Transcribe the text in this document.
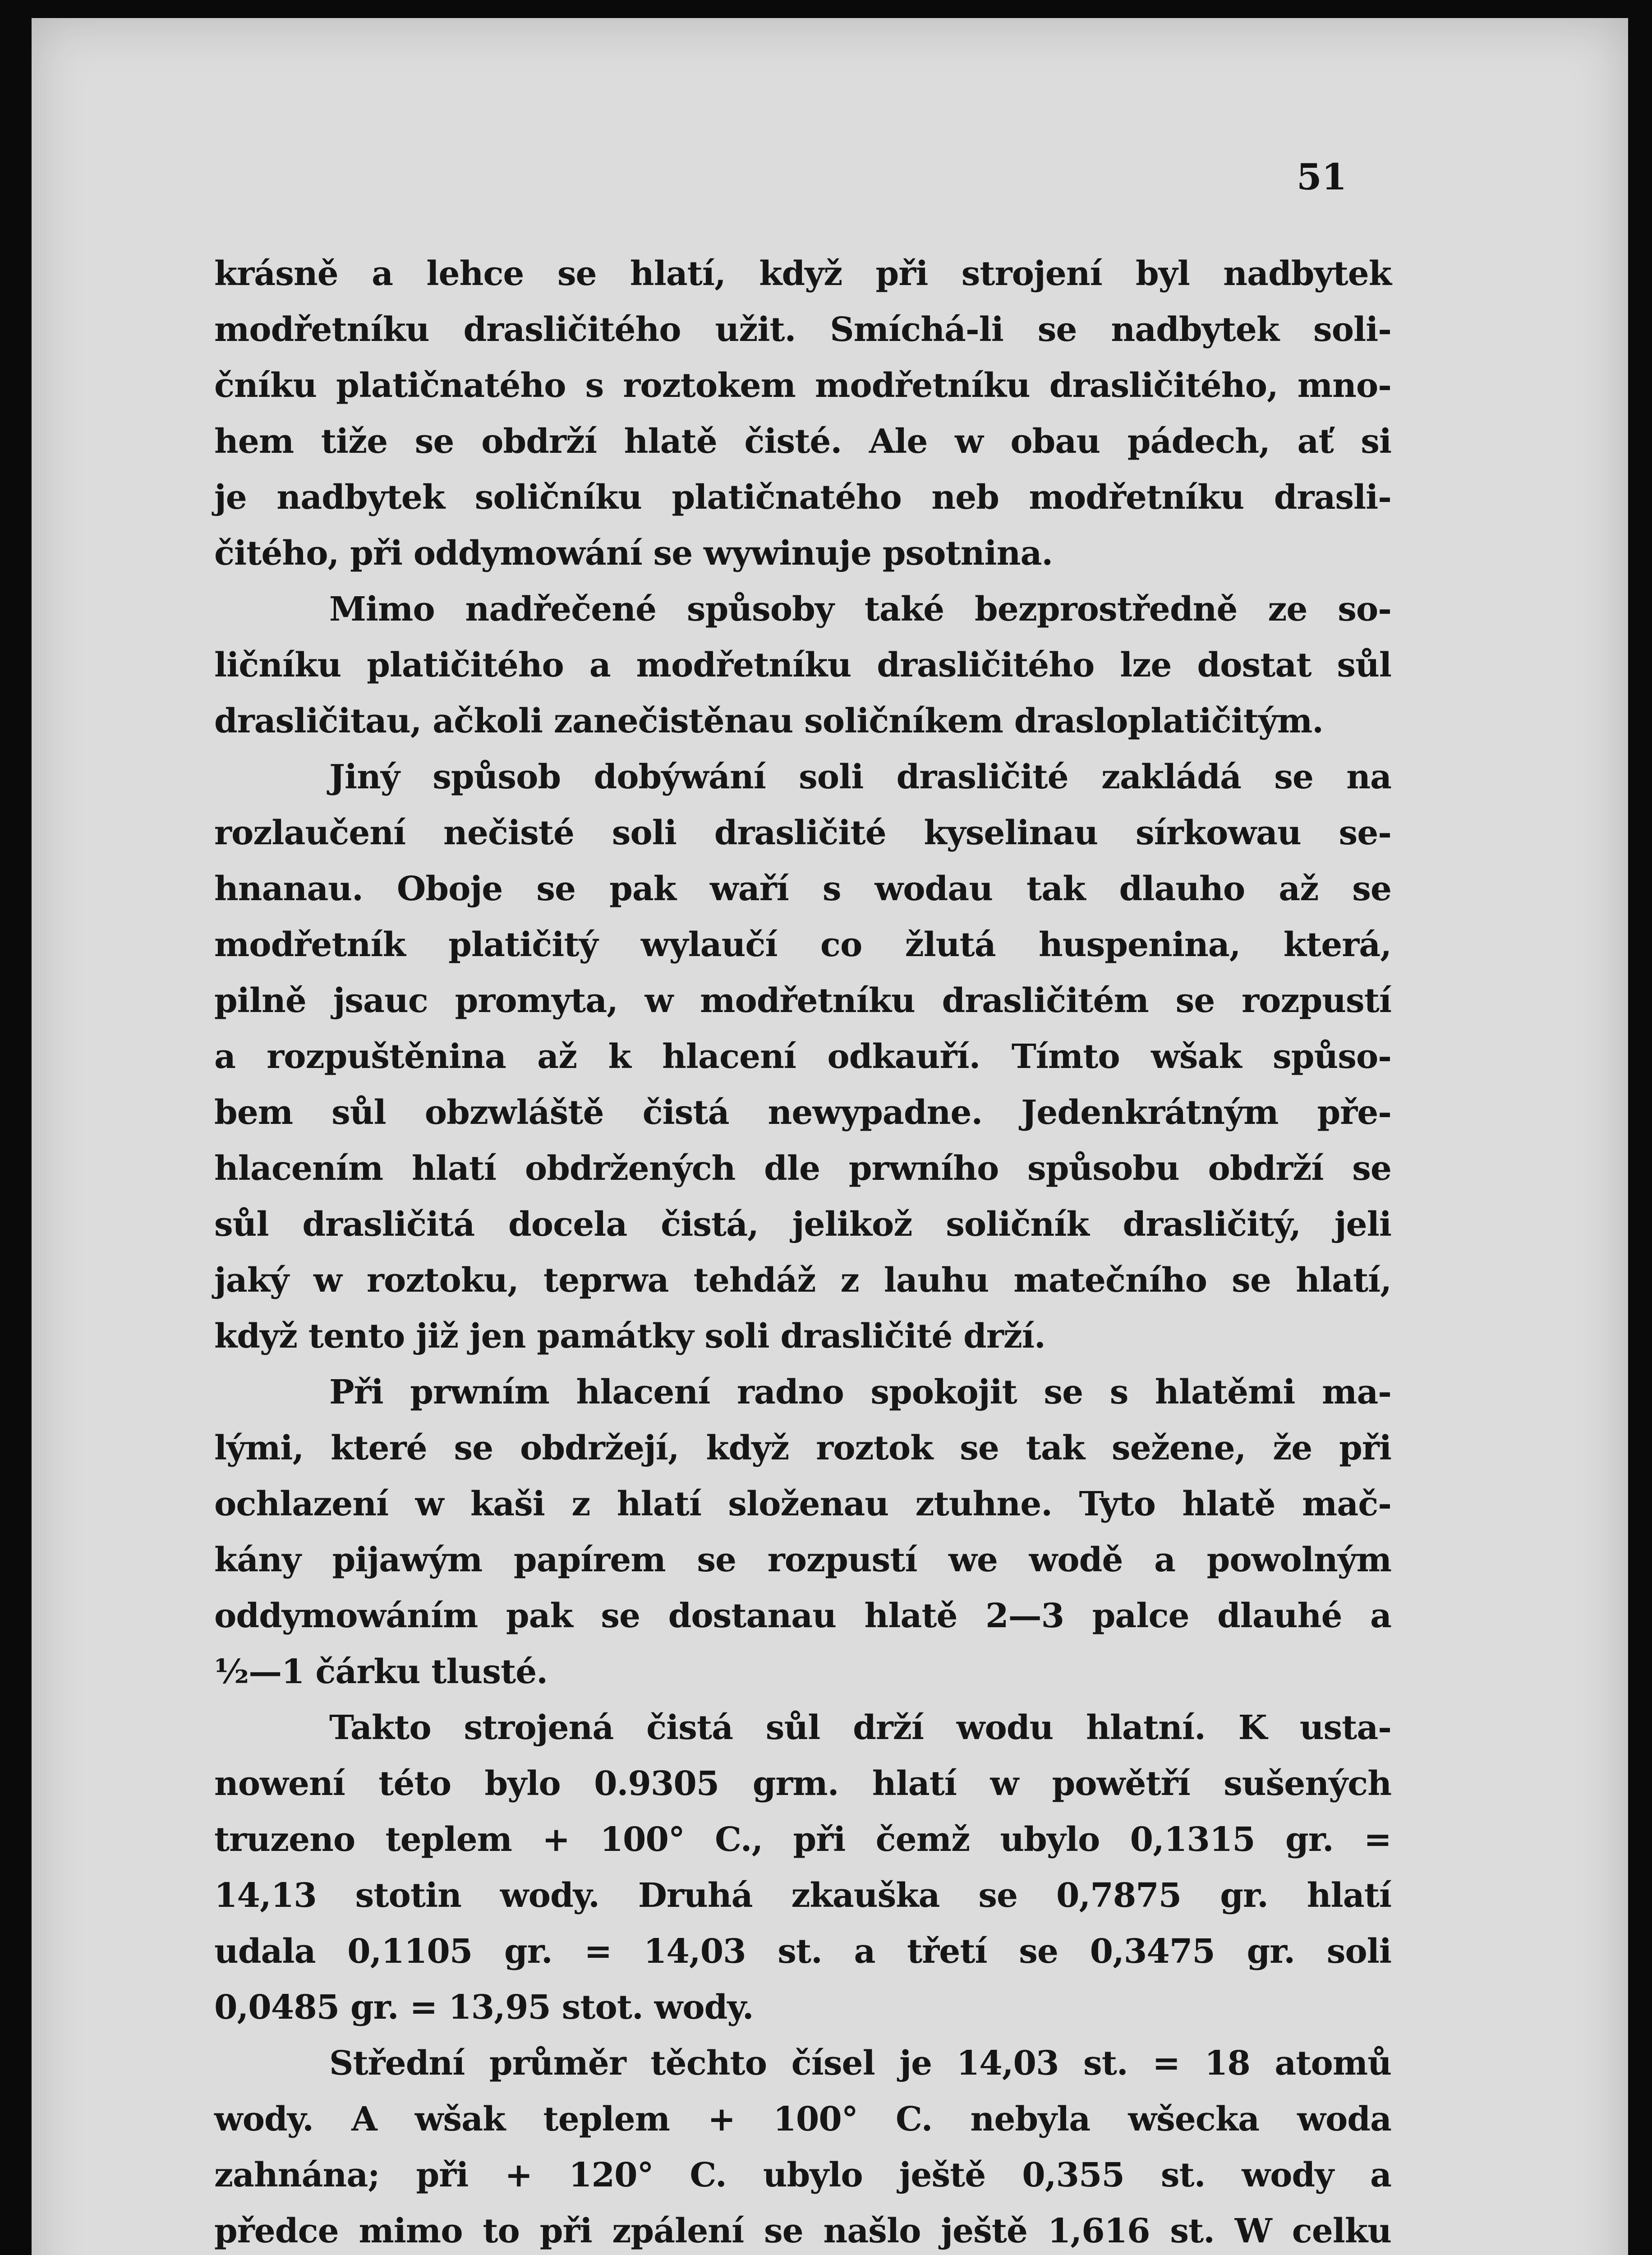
51
krásně a lehce se hlatí, když při strojení byl nadbytek
modřetníku drasličitého užit. Smíchá-li se nadbytek soli-
čníku platičnatého s roztokem modřetníku drasličitého, mno-
hem tiže se obdrží hlatě čisté. Ale w obau pádech, ať si
je nadbytek soličníku platičnatého neb modřetníku drasli-
čitého, při oddymowání se wywinuje psotnina.
Mimo nadřečené spůsoby také bezprostředně ze so-
ličníku platičitého a modřetníku drasličitého lze dostat sůl
drasličitau, ačkoli zanečistěnau soličníkem drasloplatičitým.
Jiný spůsob dobýwání soli drasličité zakládá se na
rozlaučení nečisté soli drasličité kyselinau sírkowau se-
hnanau. Oboje se pak waří s wodau tak dlauho až se
modřetník platičitý wylaučí co žlutá huspenina, která,
pilně jsauc promyta, w modřetníku drasličitém se rozpustí
a rozpuštěnina až k hlacení odkauří. Tímto wšak spůso-
bem sůl obzwláště čistá newypadne. Jedenkrátným pře-
hlacením hlatí obdržených dle prwního spůsobu obdrží se
sůl drasličitá docela čistá, jelikož soličník drasličitý, jeli
jaký w roztoku, teprwa tehdáž z lauhu matečního se hlatí,
když tento již jen památky soli drasličité drží.
Při prwním hlacení radno spokojit se s hlatěmi ma-
lými, které se obdržejí, když roztok se tak sežene, že při
ochlazení w kaši z hlatí složenau ztuhne. Tyto hlatě mač-
kány pijawým papírem se rozpustí we wodě a powolným
oddymowáním pak se dostanau hlatě 2—3 palce dlauhé a
½—1 čárku tlusté.
Takto strojená čistá sůl drží wodu hlatní. K usta-
nowení této bylo 0.9305 grm. hlatí w powětří sušených
truzeno teplem + 100° C., při čemž ubylo 0,1315 gr. =
14,13 stotin wody. Druhá zkauška se 0,7875 gr. hlatí
udala 0,1105 gr. = 14,03 st. a třetí se 0,3475 gr. soli
0,0485 gr. = 13,95 stot. wody.
Střední průměr těchto čísel je 14,03 st. = 18 atomů
wody. A wšak teplem + 100° C. nebyla wšecka woda
zahnána; při + 120° C. ubylo ještě 0,355 st. wody a
předce mimo to při zpálení se našlo ještě 1,616 st. W celku
